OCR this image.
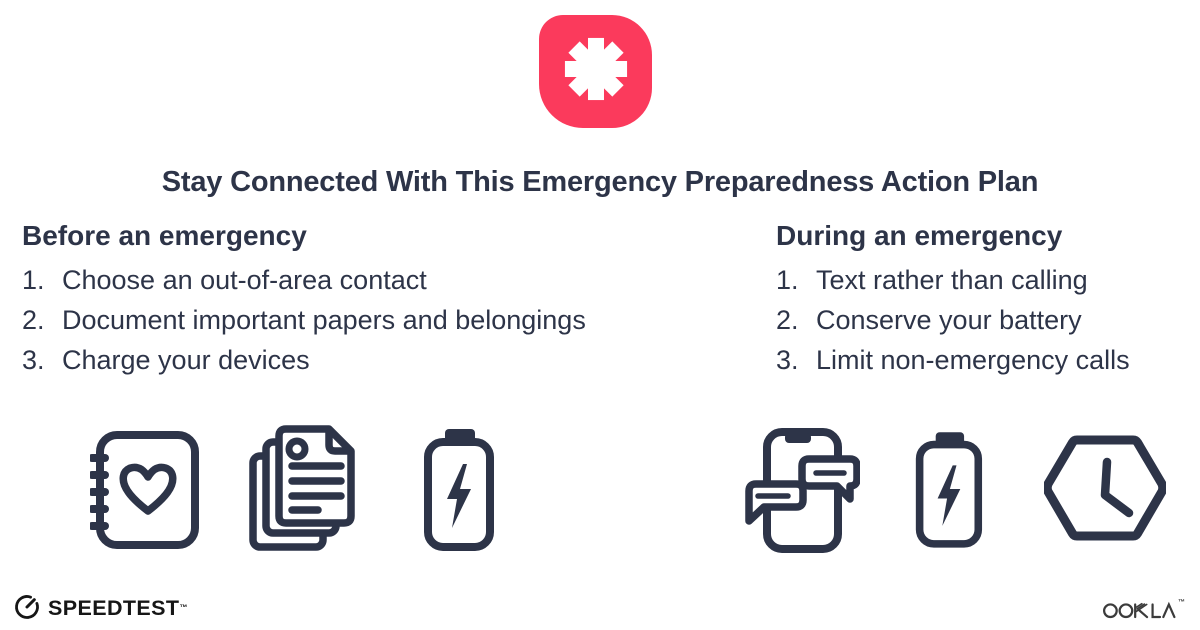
Stay Connected With This Emergency Preparedness Action Plan
Before an emergency
1. Choose an out-of-area contact
2. Document important papers and belongings
3. Charge your devices
During an emergency
1. Text rather than calling
2. Conserve your battery
3. Limit non-emergency calls
SPEEDTEST ™
™
